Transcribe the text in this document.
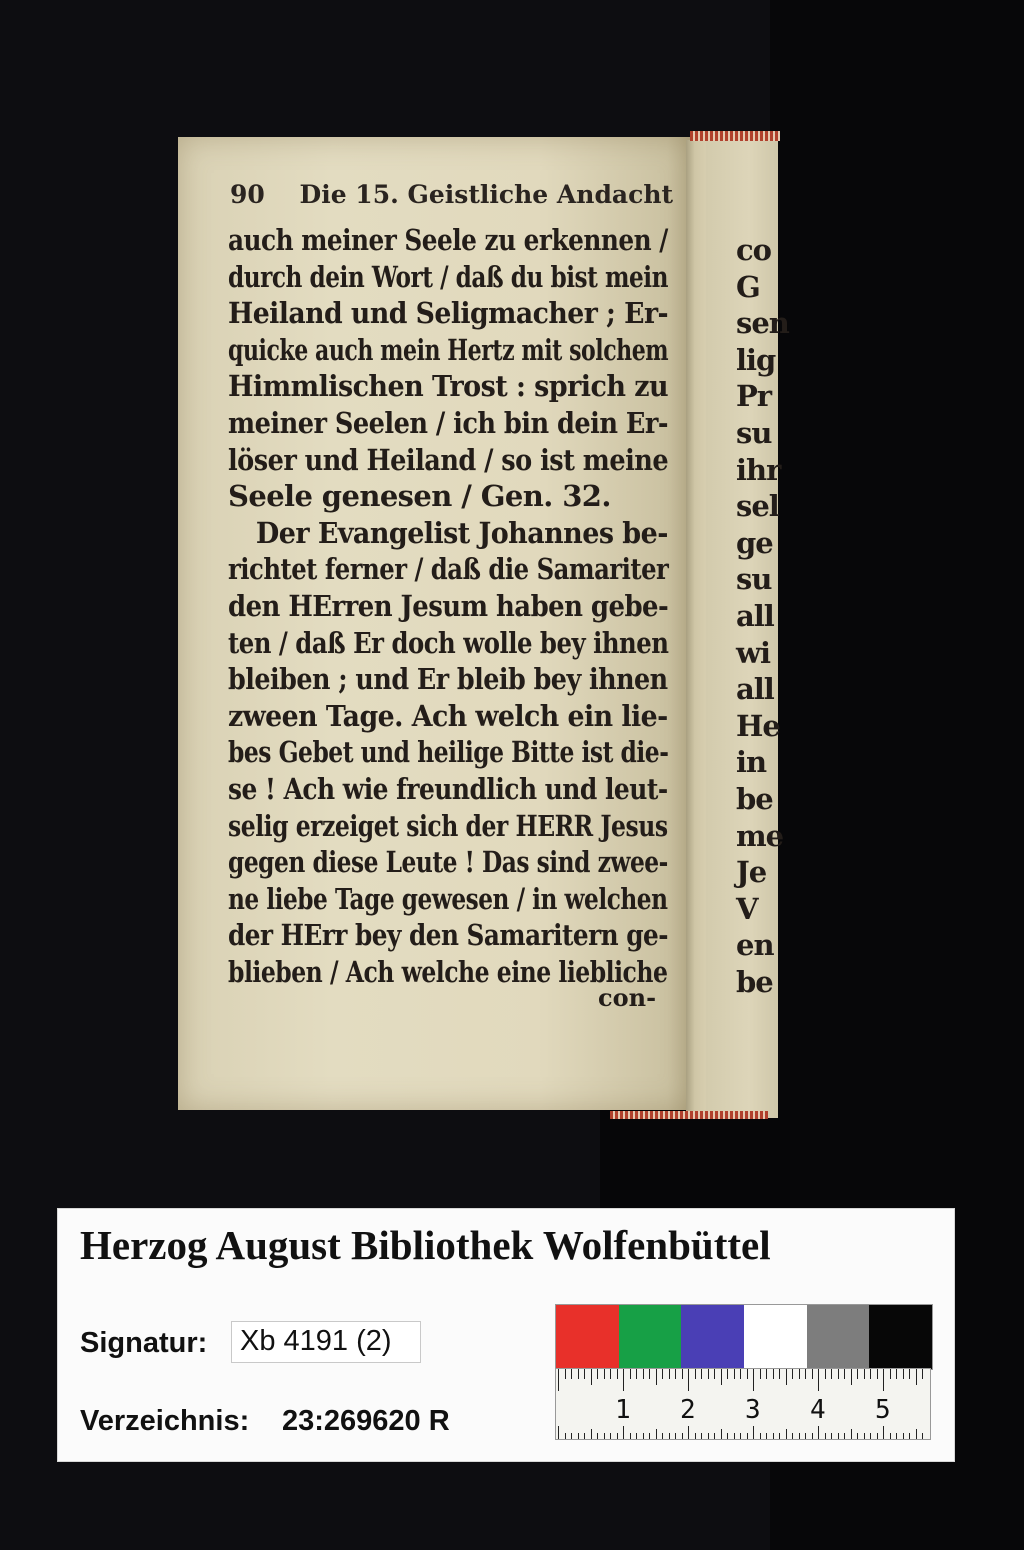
90 Die 15. Geistliche Andacht
auch meiner Seele zu erkennen /
durch dein Wort / daß du bist mein
Heiland und Seligmacher ; Er-
quicke auch mein Hertz mit solchem
Himmlischen Trost : sprich zu
meiner Seelen / ich bin dein Er-
löser und Heiland / so ist meine
Seele genesen / Gen. 32.
Der Evangelist Johannes be-
richtet ferner / daß die Samariter
den HErren Jesum haben gebe-
ten / daß Er doch wolle bey ihnen
bleiben ; und Er bleib bey ihnen
zween Tage. Ach welch ein lie-
bes Gebet und heilige Bitte ist die-
se ! Ach wie freundlich und leut-
selig erzeiget sich der HERR Jesus
gegen diese Leute ! Das sind zwee-
ne liebe Tage gewesen / in welchen
der HErr bey den Samaritern ge-
blieben / Ach welche eine liebliche
con-
co
G
sen
lig
Pr
su
ihr
sel
ge
su
all
wi
all
He
in
be
me
Je
V
en
be
Herzog August Bibliothek Wolfenbüttel
Signatur:	Xb 4191 (2)
Verzeichnis: 23:269620 R	1 2 3 4 5
